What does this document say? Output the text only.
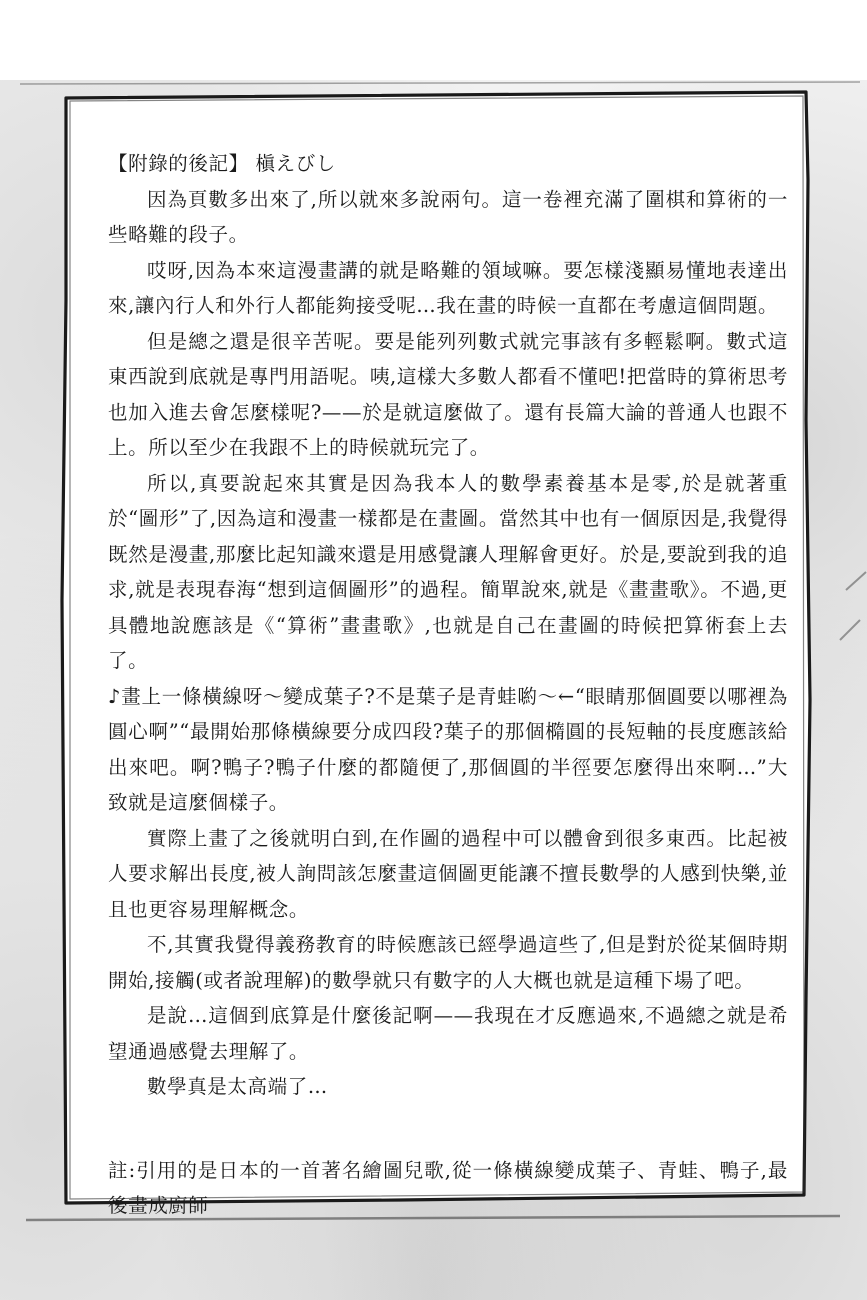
【附錄的後記】 槇えびし

因為頁數多出來了,所以就來多說兩句。這一卷裡充滿了圍棋和算術的一些略難的段子。

哎呀,因為本來這漫畫講的就是略難的領域嘛。要怎樣淺顯易懂地表達出來,讓內行人和外行人都能夠接受呢…我在畫的時候一直都在考慮這個問題。

但是總之還是很辛苦呢。要是能列列數式就完事該有多輕鬆啊。數式這東西說到底就是專門用語呢。咦,這樣大多數人都看不懂吧!把當時的算術思考也加入進去會怎麼樣呢?——於是就這麼做了。還有長篇大論的普通人也跟不上。所以至少在我跟不上的時候就玩完了。

所以,真要說起來其實是因為我本人的數學素養基本是零,於是就著重於“圖形”了,因為這和漫畫一樣都是在畫圖。當然其中也有一個原因是,我覺得既然是漫畫,那麼比起知識來還是用感覺讓人理解會更好。於是,要說到我的追求,就是表現春海“想到這個圖形”的過程。簡單說來,就是《畫畫歌》。不過,更具體地說應該是《“算術”畫畫歌》,也就是自己在畫圖的時候把算術套上去了。

♪畫上一條橫線呀～變成葉子?不是葉子是青蛙喲～←“眼睛那個圓要以哪裡為圓心啊”“最開始那條橫線要分成四段?葉子的那個橢圓的長短軸的長度應該給出來吧。啊?鴨子?鴨子什麼的都隨便了,那個圓的半徑要怎麼得出來啊…”大致就是這麼個樣子。

實際上畫了之後就明白到,在作圖的過程中可以體會到很多東西。比起被人要求解出長度,被人詢問該怎麼畫這個圖更能讓不擅長數學的人感到快樂,並且也更容易理解概念。

不,其實我覺得義務教育的時候應該已經學過這些了,但是對於從某個時期開始,接觸(或者說理解)的數學就只有數字的人大概也就是這種下場了吧。

是說…這個到底算是什麼後記啊——我現在才反應過來,不過總之就是希望通過感覺去理解了。

數學真是太高端了…

註:引用的是日本的一首著名繪圖兒歌,從一條橫線變成葉子、青蛙、鴨子,最後畫成廚師
